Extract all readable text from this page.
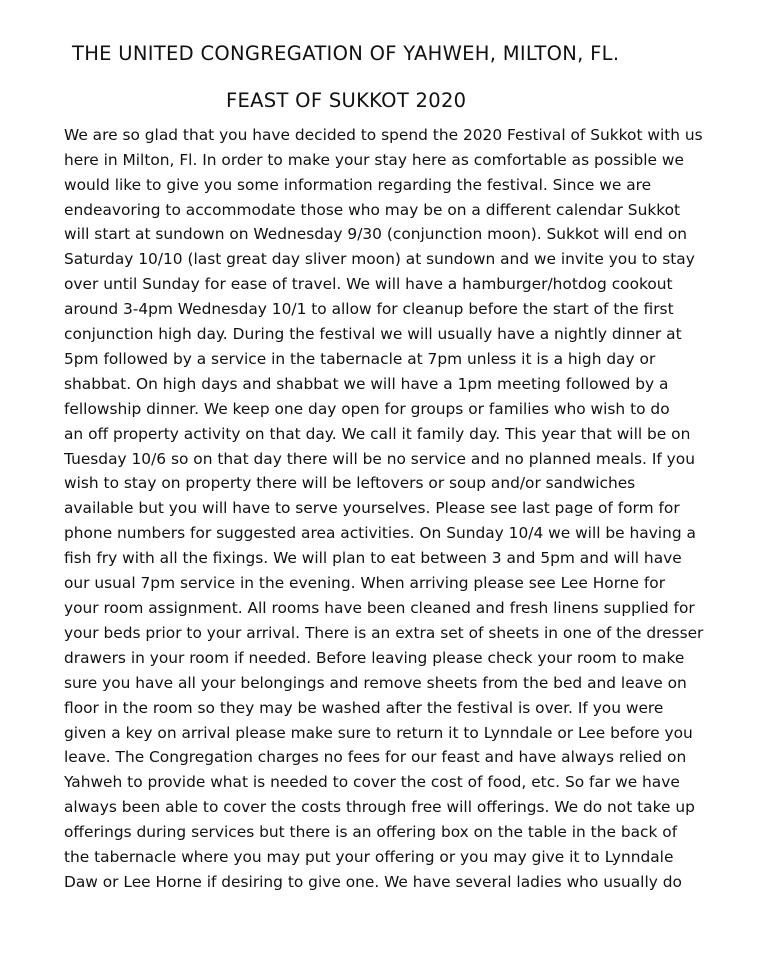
THE UNITED CONGREGATION OF YAHWEH, MILTON, FL.
FEAST OF SUKKOT 2020
We are so glad that you have decided to spend the 2020 Festival of Sukkot with us
here in Milton, Fl. In order to make your stay here as comfortable as possible we
would like to give you some information regarding the festival. Since we are
endeavoring to accommodate those who may be on a different calendar Sukkot
will start at sundown on Wednesday 9/30 (conjunction moon). Sukkot will end on
Saturday 10/10 (last great day sliver moon) at sundown and we invite you to stay
over until Sunday for ease of travel. We will have a hamburger/hotdog cookout
around 3-4pm Wednesday 10/1 to allow for cleanup before the start of the first
conjunction high day. During the festival we will usually have a nightly dinner at
5pm followed by a service in the tabernacle at 7pm unless it is a high day or
shabbat. On high days and shabbat we will have a 1pm meeting followed by a
fellowship dinner. We keep one day open for groups or families who wish to do
an off property activity on that day. We call it family day. This year that will be on
Tuesday 10/6 so on that day there will be no service and no planned meals. If you
wish to stay on property there will be leftovers or soup and/or sandwiches
available but you will have to serve yourselves. Please see last page of form for
phone numbers for suggested area activities. On Sunday 10/4 we will be having a
fish fry with all the fixings. We will plan to eat between 3 and 5pm and will have
our usual 7pm service in the evening. When arriving please see Lee Horne for
your room assignment. All rooms have been cleaned and fresh linens supplied for
your beds prior to your arrival. There is an extra set of sheets in one of the dresser
drawers in your room if needed. Before leaving please check your room to make
sure you have all your belongings and remove sheets from the bed and leave on
floor in the room so they may be washed after the festival is over. If you were
given a key on arrival please make sure to return it to Lynndale or Lee before you
leave. The Congregation charges no fees for our feast and have always relied on
Yahweh to provide what is needed to cover the cost of food, etc. So far we have
always been able to cover the costs through free will offerings. We do not take up
offerings during services but there is an offering box on the table in the back of
the tabernacle where you may put your offering or you may give it to Lynndale
Daw or Lee Horne if desiring to give one. We have several ladies who usually do
